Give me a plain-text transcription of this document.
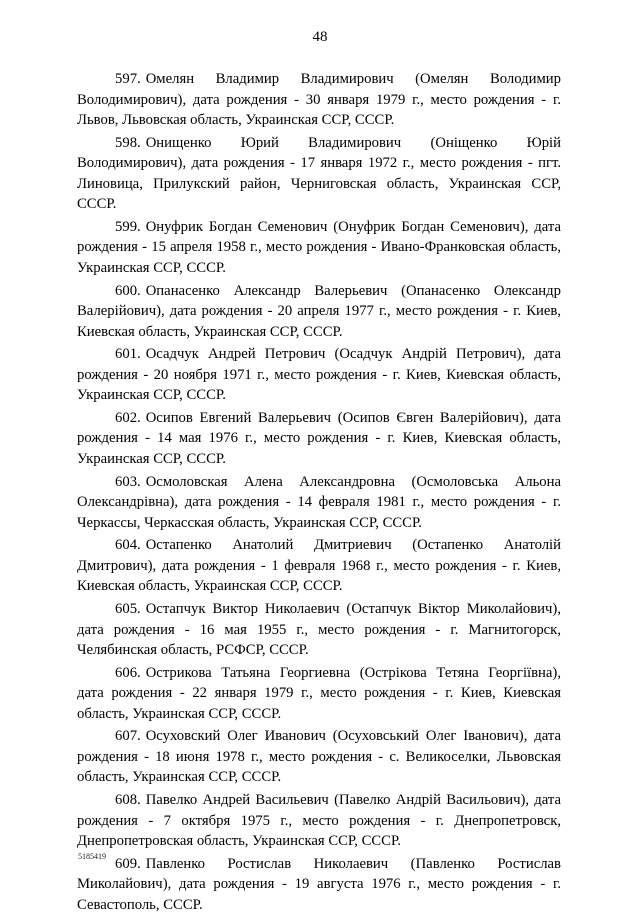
48

597. Омелян Владимир Владимирович (Омелян Володимир Володимирович), дата рождения - 30 января 1979 г., место рождения - г. Львов, Львовская область, Украинская ССР, СССР.

598. Онищенко Юрий Владимирович (Оніщенко Юрій Володимирович), дата рождения - 17 января 1972 г., место рождения - пгт. Линовица, Прилукский район, Черниговская область, Украинская ССР, СССР.

599. Онуфрик Богдан Семенович (Онуфрик Богдан Семенович), дата рождения - 15 апреля 1958 г., место рождения - Ивано-Франковская область, Украинская ССР, СССР.

600. Опанасенко Александр Валерьевич (Опанасенко Олександр Валерійович), дата рождения - 20 апреля 1977 г., место рождения - г. Киев, Киевская область, Украинская ССР, СССР.

601. Осадчук Андрей Петрович (Осадчук Андрій Петрович), дата рождения - 20 ноября 1971 г., место рождения - г. Киев, Киевская область, Украинская ССР, СССР.

602. Осипов Евгений Валерьевич (Осипов Євген Валерійович), дата рождения - 14 мая 1976 г., место рождения - г. Киев, Киевская область, Украинская ССР, СССР.

603. Осмоловская Алена Александровна (Осмоловська Альона Олександрівна), дата рождения - 14 февраля 1981 г., место рождения - г. Черкассы, Черкасская область, Украинская ССР, СССР.

604. Остапенко Анатолий Дмитриевич (Остапенко Анатолій Дмитрович), дата рождения - 1 февраля 1968 г., место рождения - г. Киев, Киевская область, Украинская ССР, СССР.

605. Остапчук Виктор Николаевич (Остапчук Віктор Миколайович), дата рождения - 16 мая 1955 г., место рождения - г. Магнитогорск, Челябинская область, РСФСР, СССР.

606. Острикова Татьяна Георгиевна (Острікова Тетяна Георгіївна), дата рождения - 22 января 1979 г., место рождения - г. Киев, Киевская область, Украинская ССР, СССР.

607. Осуховский Олег Иванович (Осуховський Олег Іванович), дата рождения - 18 июня 1978 г., место рождения - с. Великоселки, Львовская область, Украинская ССР, СССР.

608. Павелко Андрей Васильевич (Павелко Андрій Васильович), дата рождения - 7 октября 1975 г., место рождения - г. Днепропетровск, Днепропетровская область, Украинская ССР, СССР.

609. Павленко Ростислав Николаевич (Павленко Ростислав Миколайович), дата рождения - 19 августа 1976 г., место рождения - г. Севастополь, СССР.

5185419
